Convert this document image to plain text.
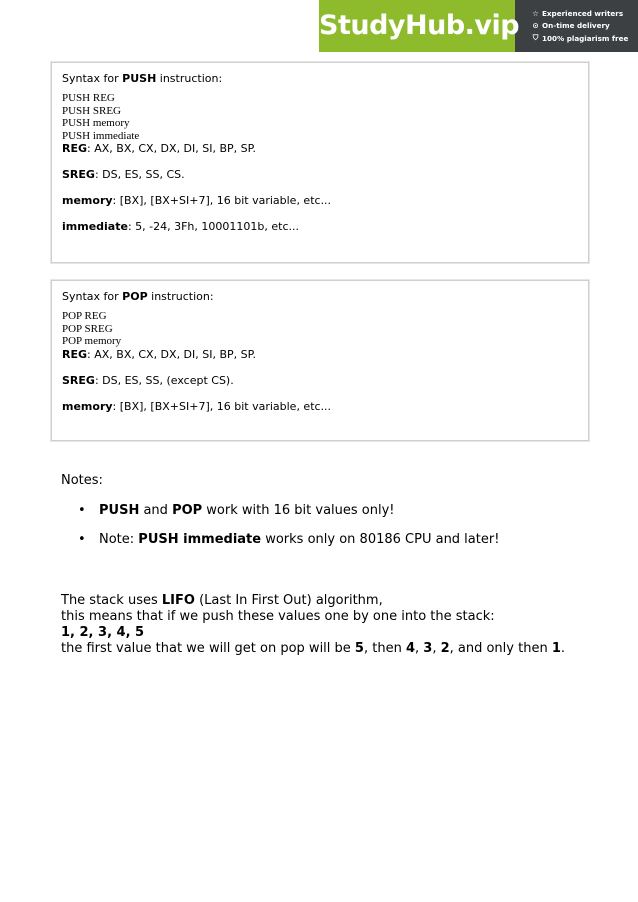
StudyHub.vip ☆ Experienced writers
⊙ On-time delivery
⛉ 100% plagiarism free

Syntax for PUSH instruction:

PUSH REG

PUSH SREG

PUSH memory

PUSH immediate

REG: AX, BX, CX, DX, DI, SI, BP, SP.

SREG: DS, ES, SS, CS.

memory: [BX], [BX+SI+7], 16 bit variable, etc...

immediate: 5, -24, 3Fh, 10001101b, etc...

Syntax for POP instruction:

POP REG

POP SREG

POP memory

REG: AX, BX, CX, DX, DI, SI, BP, SP.

SREG: DS, ES, SS, (except CS).

memory: [BX], [BX+SI+7], 16 bit variable, etc...

Notes:

• PUSH and POP work with 16 bit values only!
• Note: PUSH immediate works only on 80186 CPU and later!

The stack uses LIFO (Last In First Out) algorithm,

this means that if we push these values one by one into the stack:

1, 2, 3, 4, 5

the first value that we will get on pop will be 5, then 4, 3, 2, and only then 1.
